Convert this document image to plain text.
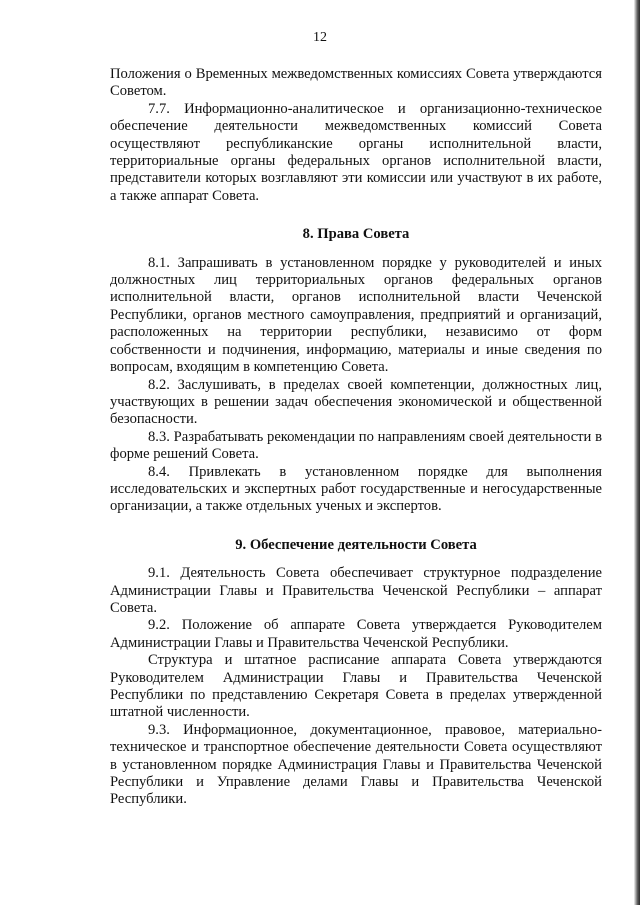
12

Положения о Временных межведомственных комиссиях Совета утверждаются Советом.

7.7. Информационно-аналитическое и организационно-техническое обеспечение деятельности межведомственных комиссий Совета осуществляют республиканские органы исполнительной власти, территориальные органы федеральных органов исполнительной власти, представители которых возглавляют эти комиссии или участвуют в их работе, а также аппарат Совета.

8. Права Совета

8.1. Запрашивать в установленном порядке у руководителей и иных должностных лиц территориальных органов федеральных органов исполнительной власти, органов исполнительной власти Чеченской Республики, органов местного самоуправления, предприятий и организаций, расположенных на территории республики, независимо от форм собственности и подчинения, информацию, материалы и иные сведения по вопросам, входящим в компетенцию Совета.

8.2. Заслушивать, в пределах своей компетенции, должностных лиц, участвующих в решении задач обеспечения экономической и общественной безопасности.

8.3. Разрабатывать рекомендации по направлениям своей деятельности в форме решений Совета.

8.4. Привлекать в установленном порядке для выполнения исследовательских и экспертных работ государственные и негосударственные организации, а также отдельных ученых и экспертов.

9. Обеспечение деятельности Совета

9.1. Деятельность Совета обеспечивает структурное подразделение Администрации Главы и Правительства Чеченской Республики – аппарат Совета.

9.2. Положение об аппарате Совета утверждается Руководителем Администрации Главы и Правительства Чеченской Республики.

Структура и штатное расписание аппарата Совета утверждаются Руководителем Администрации Главы и Правительства Чеченской Республики по представлению Секретаря Совета в пределах утвержденной штатной численности.

9.3. Информационное, документационное, правовое, материально-техническое и транспортное обеспечение деятельности Совета осуществляют в установленном порядке Администрация Главы и Правительства Чеченской Республики и Управление делами Главы и Правительства Чеченской Республики.
